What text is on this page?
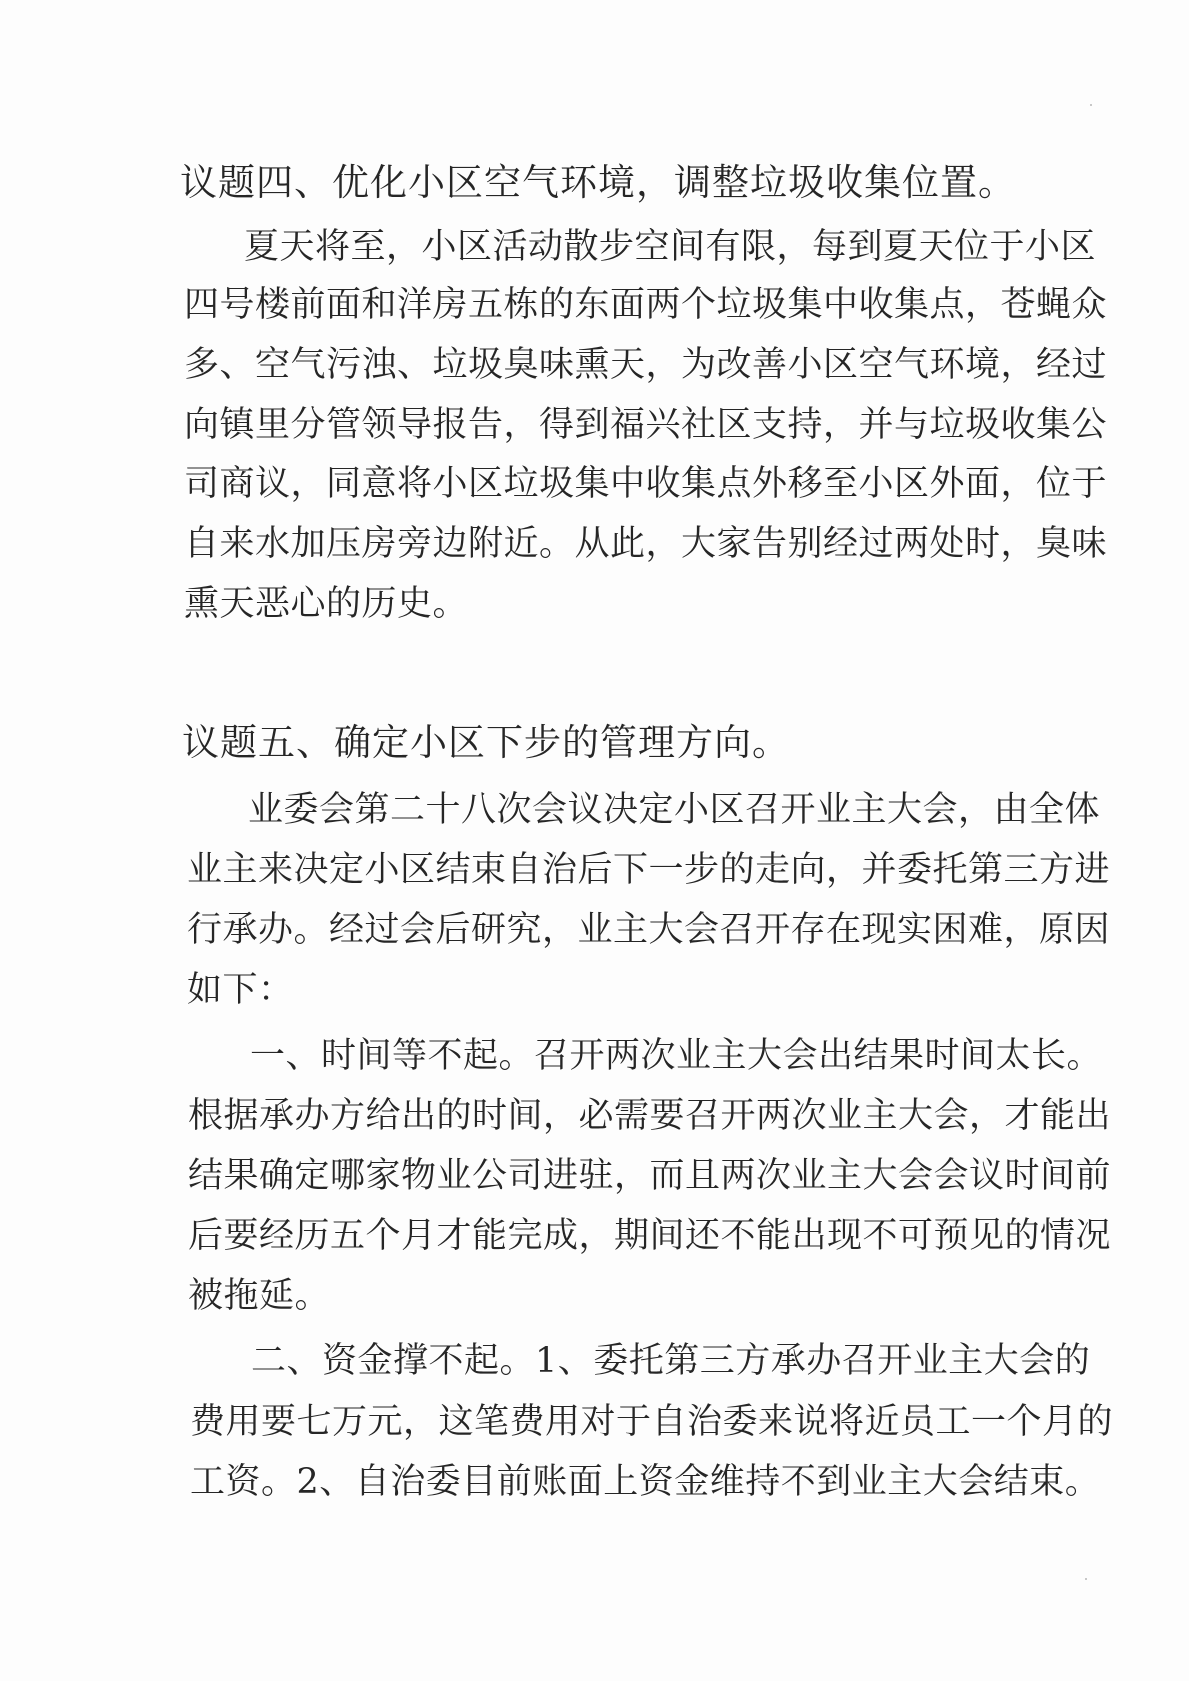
议题四、优化小区空气环境，调整垃圾收集位置。
夏天将至，小区活动散步空间有限，每到夏天位于小区
四号楼前面和洋房五栋的东面两个垃圾集中收集点，苍蝇众
多、空气污浊、垃圾臭味熏天，为改善小区空气环境，经过
向镇里分管领导报告，得到福兴社区支持，并与垃圾收集公
司商议，同意将小区垃圾集中收集点外移至小区外面，位于
自来水加压房旁边附近。从此，大家告别经过两处时，臭味
熏天恶心的历史。
议题五、确定小区下步的管理方向。
业委会第二十八次会议决定小区召开业主大会，由全体
业主来决定小区结束自治后下一步的走向，并委托第三方进
行承办。经过会后研究，业主大会召开存在现实困难，原因
如下：
一、时间等不起。召开两次业主大会出结果时间太长。
根据承办方给出的时间，必需要召开两次业主大会，才能出
结果确定哪家物业公司进驻，而且两次业主大会会议时间前
后要经历五个月才能完成，期间还不能出现不可预见的情况
被拖延。
二、资金撑不起。1、委托第三方承办召开业主大会的
费用要七万元，这笔费用对于自治委来说将近员工一个月的
工资。2、自治委目前账面上资金维持不到业主大会结束。
